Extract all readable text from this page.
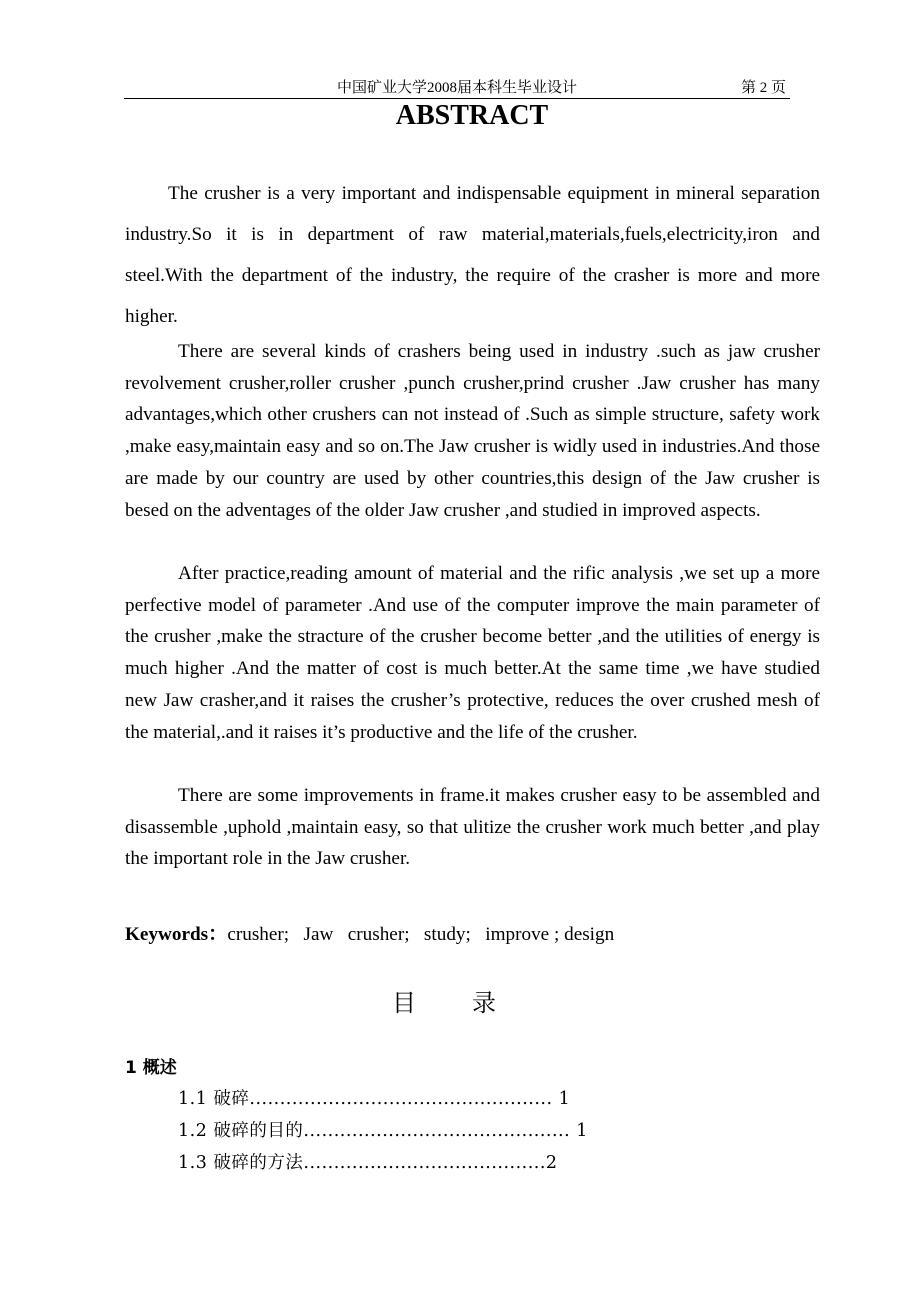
中国矿业大学2008届本科生毕业设计	第 2 页
ABSTRACT

The crusher is a very important and indispensable equipment in mineral separation industry.So it is in department of raw material,materials,fuels,electricity,iron and steel.With the department of the industry, the require of the crasher is more and more higher.

There are several kinds of crashers being used in industry .such as jaw crusher revolvement crusher,roller crusher ,punch crusher,prind crusher .Jaw crusher has many advantages,which other crushers can not instead of .Such as simple structure, safety work ,make easy,maintain easy and so on.The Jaw crusher is widly used in industries.And those are made by our country are used by other countries,this design of the Jaw crusher is besed on the adventages of the older Jaw crusher ,and studied in improved aspects.

After practice,reading amount of material and the rific analysis ,we set up a more perfective model of parameter .And use of the computer improve the main parameter of the crusher ,make the stracture of the crusher become better ,and the utilities of energy is much higher .And the matter of cost is much better.At the same time ,we have studied new Jaw crasher,and it raises the crusher’s protective, reduces the over crushed mesh of the material,.and it raises it’s productive and the life of the crusher.

There are some improvements in frame.it makes crusher easy to be assembled and disassemble ,uphold ,maintain easy, so that ulitize the crusher work much better ,and play the important role in the Jaw crusher.

Keywords：crusher;   Jaw   crusher;   study;   improve ; design
目录
1 概述
1.1 破碎.................................................. 1
1.2 破碎的目的............................................ 1
1.3 破碎的方法........................................2
